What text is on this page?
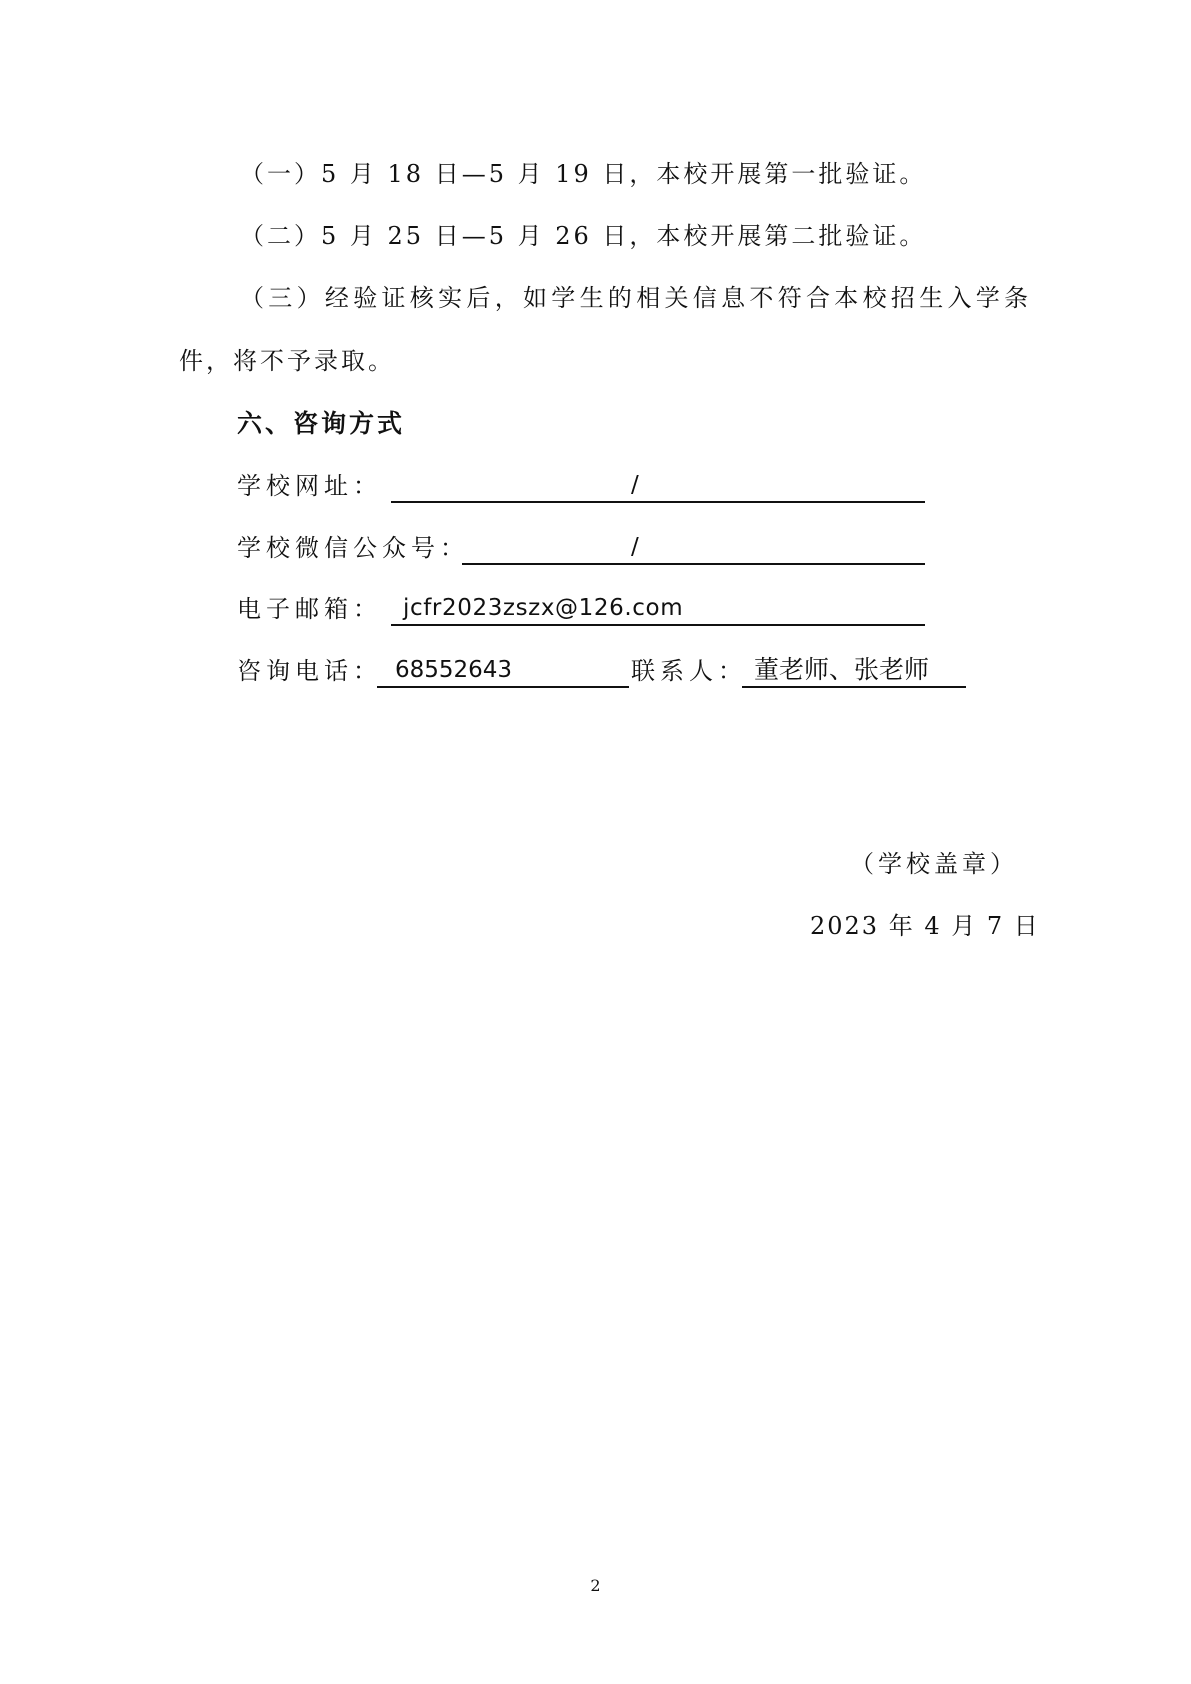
（一）5 月 18 日—5 月 19 日，本校开展第一批验证。
（二）5 月 25 日—5 月 26 日，本校开展第二批验证。
（三）经验证核实后，如学生的相关信息不符合本校招生入学条
件，将不予录取。
六、咨询方式
学校网址：	/
学校微信公众号：	/
电子邮箱： jcfr2023zszx@126.com
咨询电话： 68552643	联系人： 董老师、张老师
（学校盖章）
2023 年 4 月 7 日
2
